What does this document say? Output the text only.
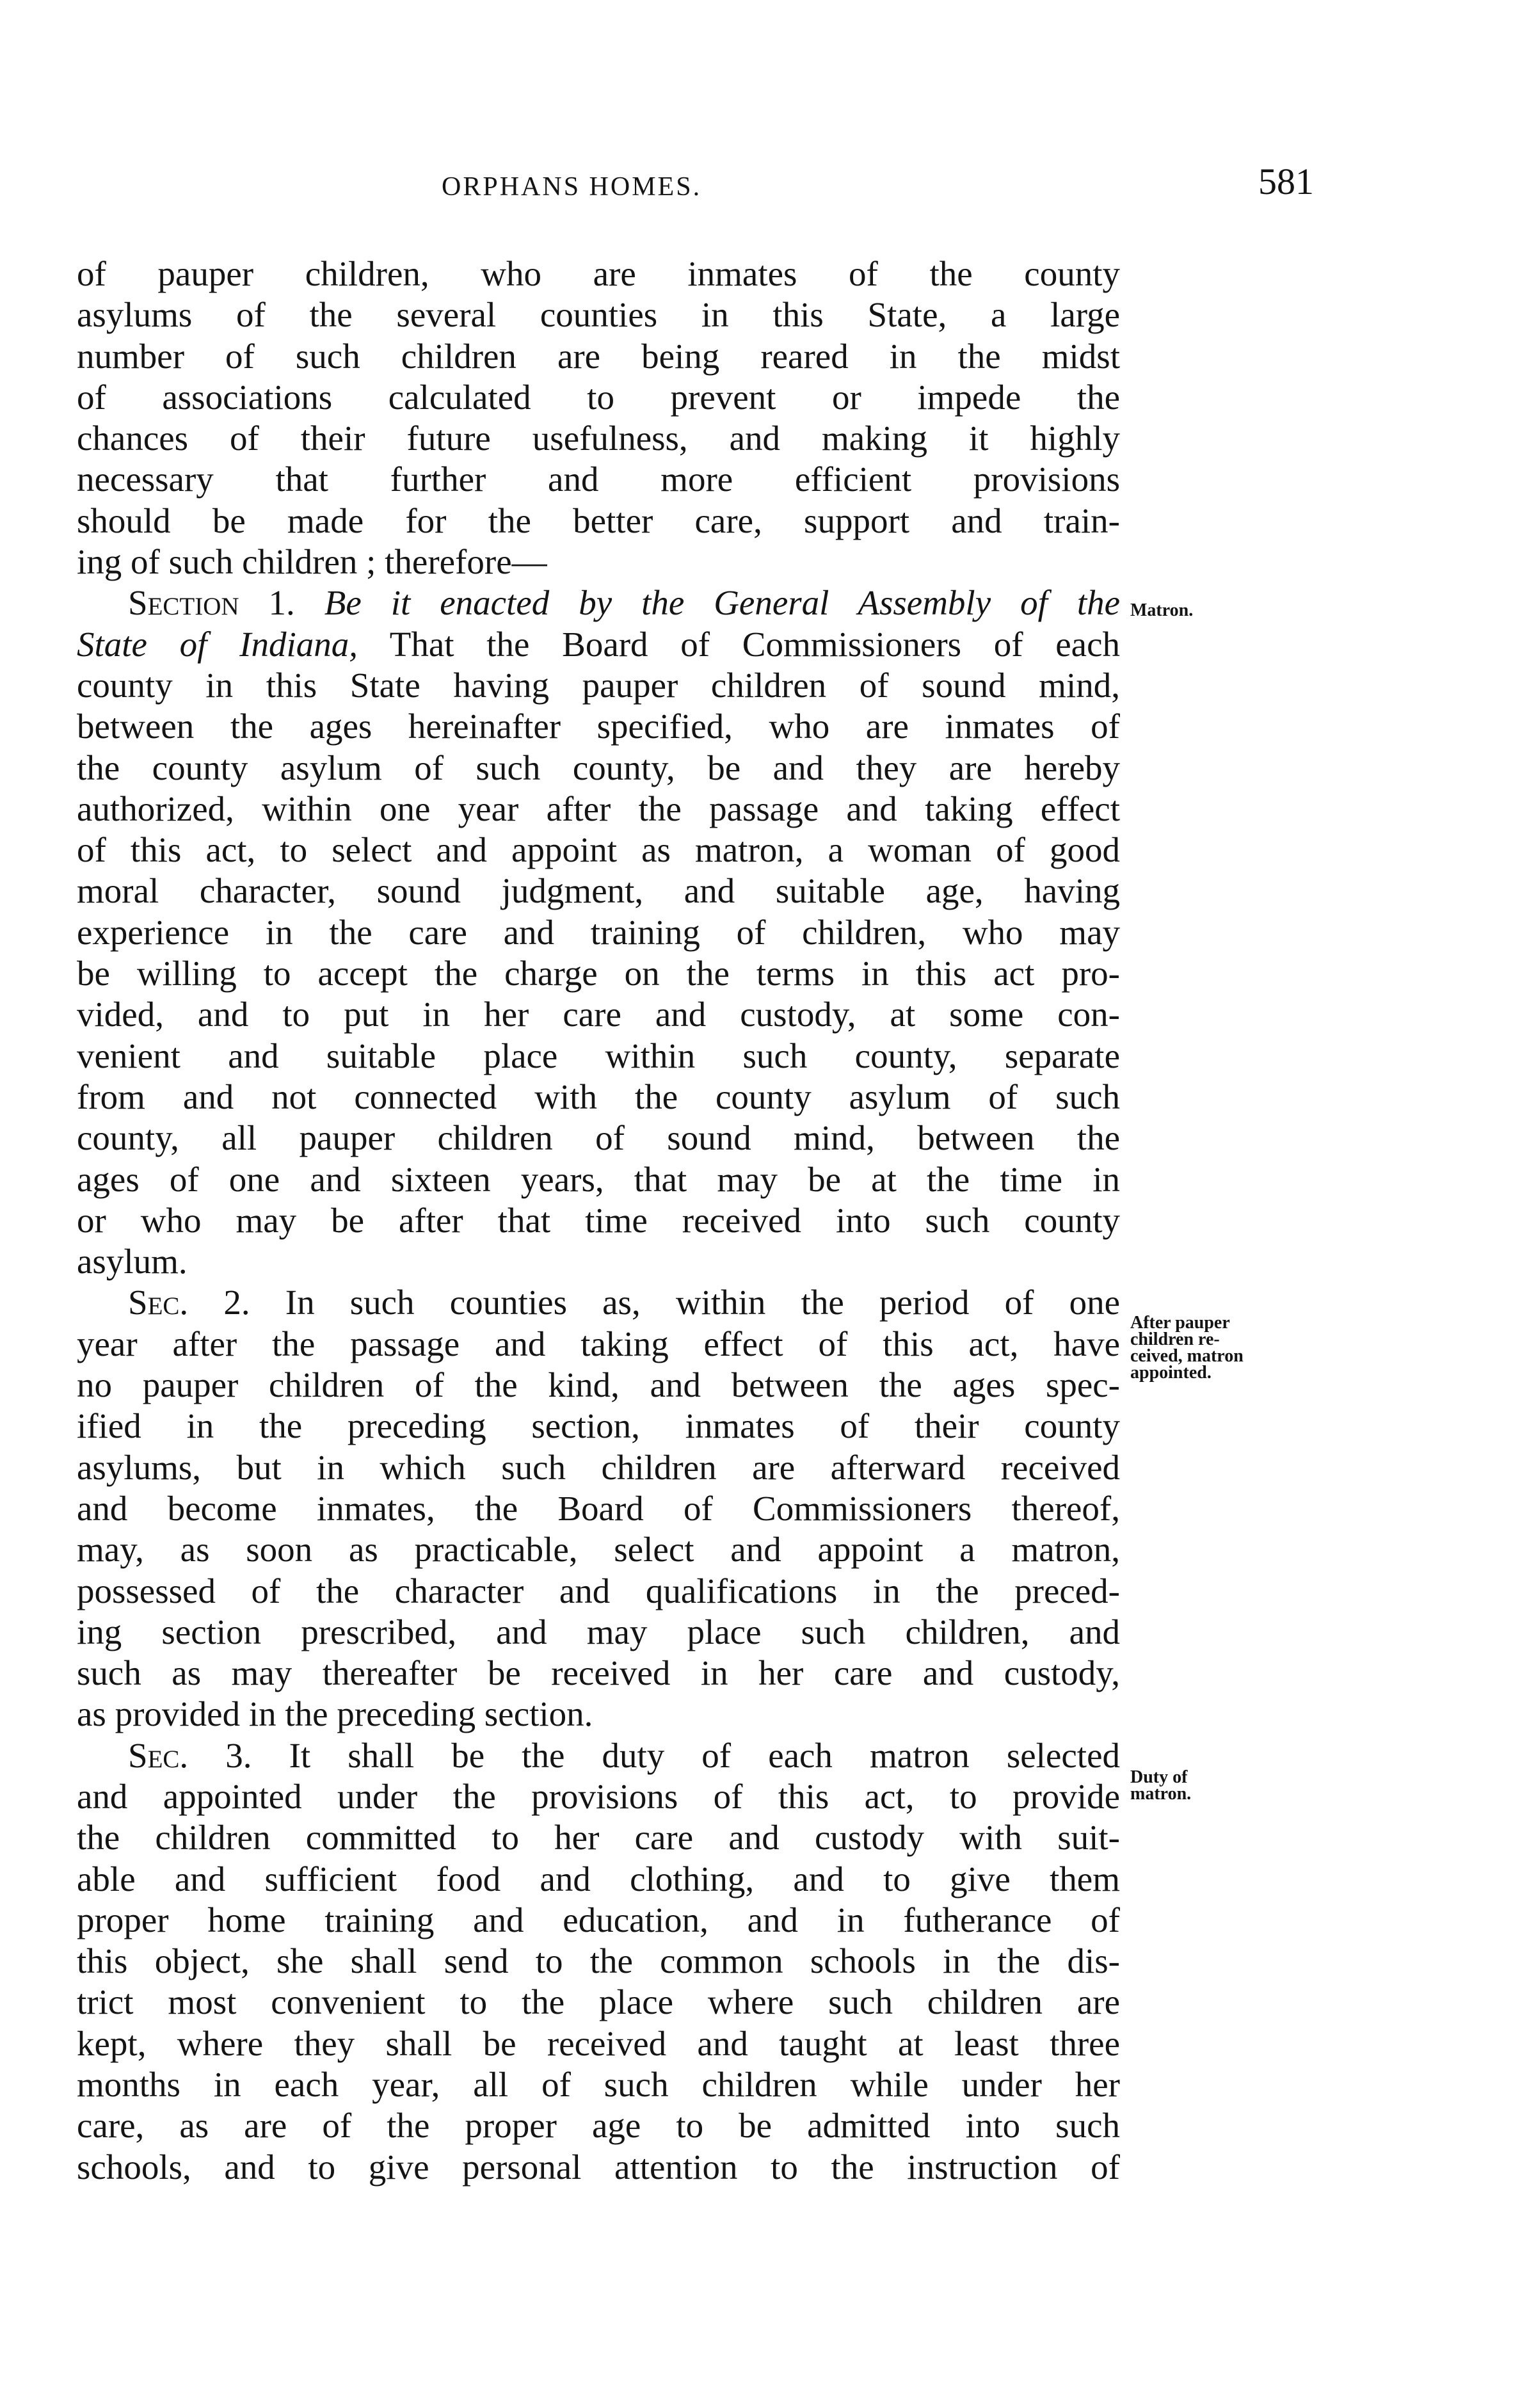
ORPHANS HOMES.	581
of pauper children, who are inmates of the county
asylums of the several counties in this State, a large
number of such children are being reared in the midst
of associations calculated to prevent or impede the
chances of their future usefulness, and making it highly
necessary that further and more efficient provisions
should be made for the better care, support and train-
ing of such children ; therefore—
Section 1. Be it enacted by the General Assembly of the
State of Indiana, That the Board of Commissioners of each
county in this State having pauper children of sound mind,
between the ages hereinafter specified, who are inmates of
the county asylum of such county, be and they are hereby
authorized, within one year after the passage and taking effect
of this act, to select and appoint as matron, a woman of good
moral character, sound judgment, and suitable age, having
experience in the care and training of children, who may
be willing to accept the charge on the terms in this act pro-
vided, and to put in her care and custody, at some con-
venient and suitable place within such county, separate
from and not connected with the county asylum of such
county, all pauper children of sound mind, between the
ages of one and sixteen years, that may be at the time in
or who may be after that time received into such county
asylum.
Sec. 2. In such counties as, within the period of one
year after the passage and taking effect of this act, have
no pauper children of the kind, and between the ages spec-
ified in the preceding section, inmates of their county
asylums, but in which such children are afterward received
and become inmates, the Board of Commissioners thereof,
may, as soon as practicable, select and appoint a matron,
possessed of the character and qualifications in the preced-
ing section prescribed, and may place such children, and
such as may thereafter be received in her care and custody,
as provided in the preceding section.
Sec. 3. It shall be the duty of each matron selected
and appointed under the provisions of this act, to provide
the children committed to her care and custody with suit-
able and sufficient food and clothing, and to give them
proper home training and education, and in futherance of
this object, she shall send to the common schools in the dis-
trict most convenient to the place where such children are
kept, where they shall be received and taught at least three
months in each year, all of such children while under her
care, as are of the proper age to be admitted into such
schools, and to give personal attention to the instruction of
Matron.
After pauper
children re-
ceived, matron
appointed.
Duty of
matron.
